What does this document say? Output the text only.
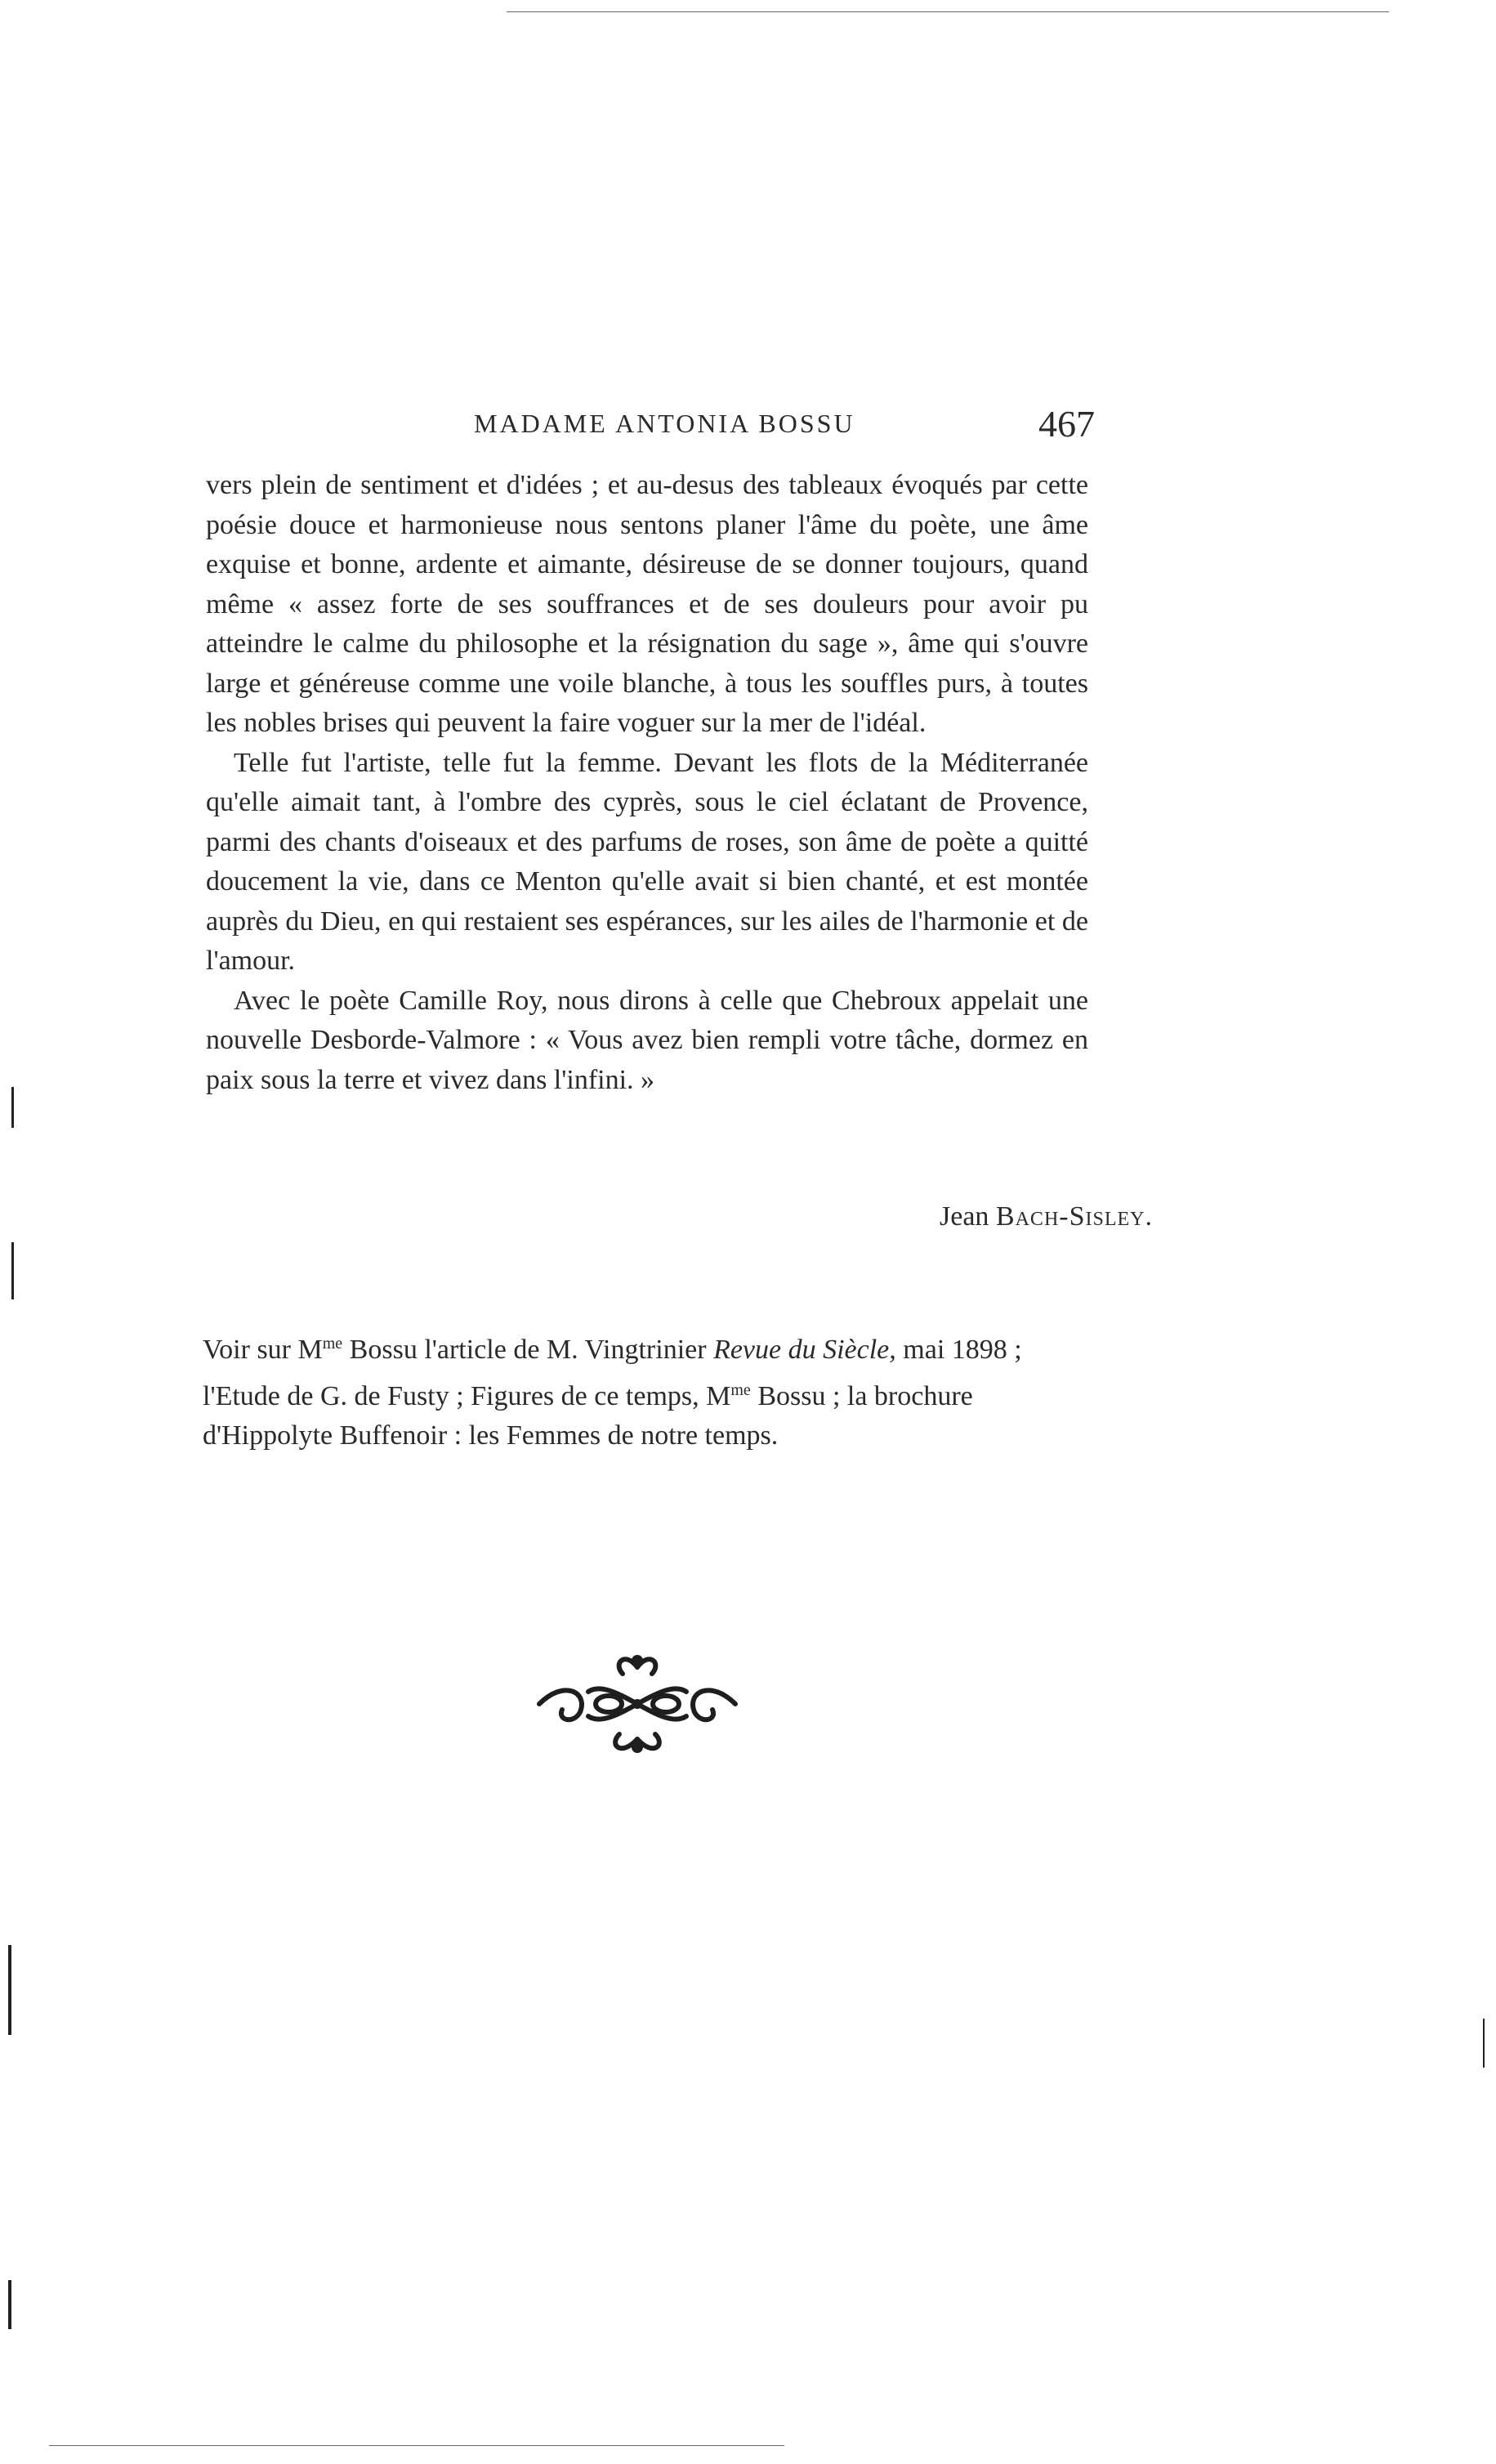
MADAME ANTONIA BOSSU	467

vers plein de sentiment et d'idées ; et au-desus des tableaux évoqués par cette poésie douce et harmonieuse nous sentons planer l'âme du poète, une âme exquise et bonne, ardente et aimante, désireuse de se donner toujours, quand même « assez forte de ses souffrances et de ses douleurs pour avoir pu atteindre le calme du philosophe et la résignation du sage », âme qui s'ouvre large et généreuse comme une voile blanche, à tous les souffles purs, à toutes les nobles brises qui peuvent la faire voguer sur la mer de l'idéal.

Telle fut l'artiste, telle fut la femme. Devant les flots de la Méditerranée qu'elle aimait tant, à l'ombre des cyprès, sous le ciel éclatant de Provence, parmi des chants d'oiseaux et des parfums de roses, son âme de poète a quitté doucement la vie, dans ce Menton qu'elle avait si bien chanté, et est montée auprès du Dieu, en qui restaient ses espérances, sur les ailes de l'harmonie et de l'amour.

Avec le poète Camille Roy, nous dirons à celle que Chebroux appelait une nouvelle Desborde-Valmore : « Vous avez bien rempli votre tâche, dormez en paix sous la terre et vivez dans l'infini. »

Jean Bach-Sisley.
Voir sur $M^{me}$ Bossu l'article de M. Vingtrinier Revue du Siècle, mai 1898 ; l'Etude de G. de Fusty ; Figures de ce temps, $M^{me}$ Bossu ; la brochure d'Hippolyte Buffenoir : les Femmes de notre temps.
